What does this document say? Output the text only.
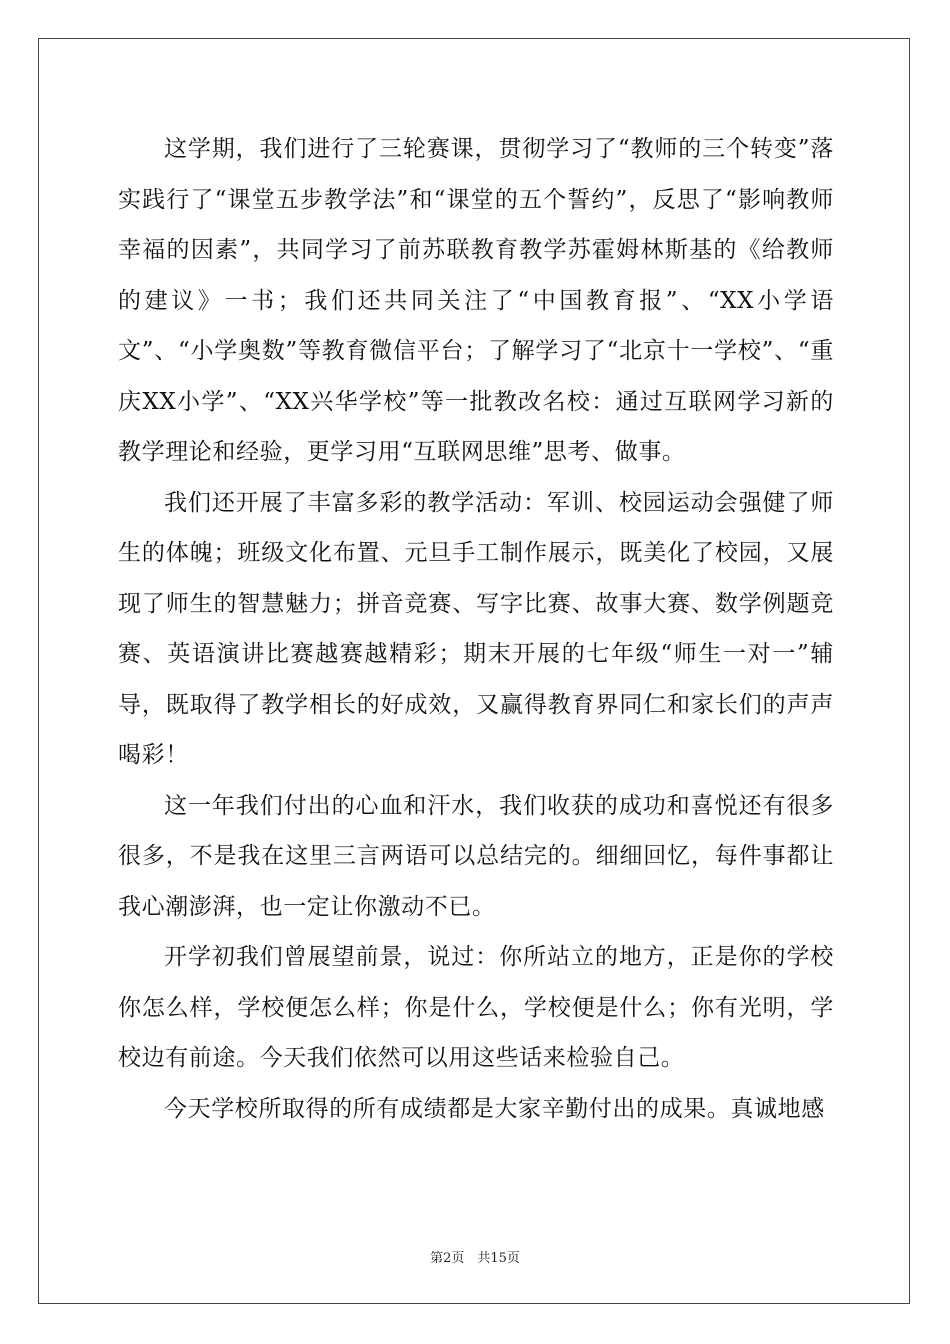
这学期，我们进行了三轮赛课，贯彻学习了“教师的三个转变”落实践行了“课堂五步教学法”和“课堂的五个誓约”，反思了“影响教师幸福的因素”，共同学习了前苏联教育教学苏霍姆林斯基的《给教师的建议》一书；我们还共同关注了“中国教育报”、“XX小学语文”、“小学奥数”等教育微信平台；了解学习了“北京十一学校”、“重庆XX小学”、“XX兴华学校”等一批教改名校：通过互联网学习新的教学理论和经验，更学习用“互联网思维”思考、做事。

我们还开展了丰富多彩的教学活动：军训、校园运动会强健了师生的体魄；班级文化布置、元旦手工制作展示，既美化了校园，又展现了师生的智慧魅力；拼音竞赛、写字比赛、故事大赛、数学例题竞赛、英语演讲比赛越赛越精彩；期末开展的七年级“师生一对一”辅导，既取得了教学相长的好成效，又赢得教育界同仁和家长们的声声喝彩！

这一年我们付出的心血和汗水，我们收获的成功和喜悦还有很多很多，不是我在这里三言两语可以总结完的。细细回忆，每件事都让我心潮澎湃，也一定让你激动不已。

开学初我们曾展望前景，说过：你所站立的地方，正是你的学校你怎么样，学校便怎么样；你是什么，学校便是什么；你有光明，学校边有前途。今天我们依然可以用这些话来检验自己。

今天学校所取得的所有成绩都是大家辛勤付出的成果。真诚地感

第2页　共15页
